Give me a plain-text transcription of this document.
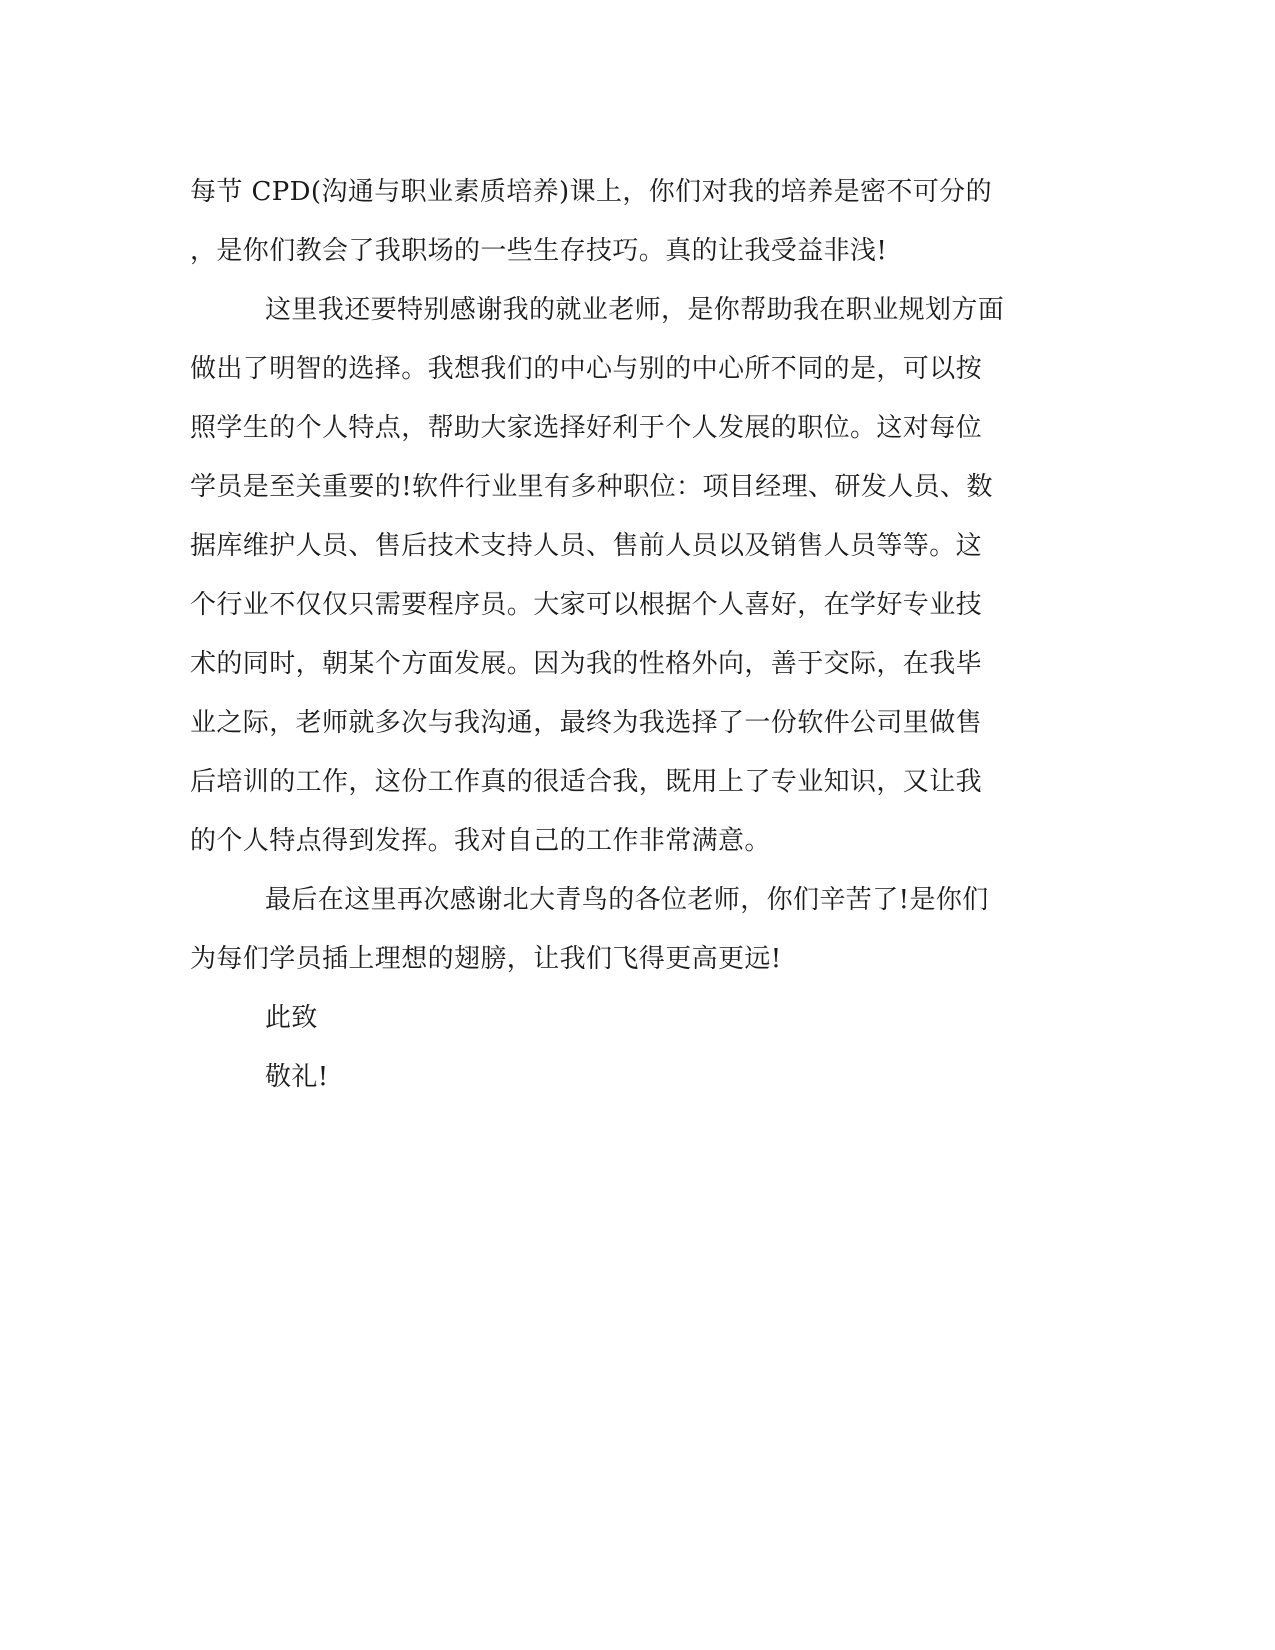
每节 CPD(沟通与职业素质培养)课上，你们对我的培养是密不可分的
，是你们教会了我职场的一些生存技巧。真的让我受益非浅!
这里我还要特别感谢我的就业老师，是你帮助我在职业规划方面
做出了明智的选择。我想我们的中心与别的中心所不同的是，可以按
照学生的个人特点，帮助大家选择好利于个人发展的职位。这对每位
学员是至关重要的!软件行业里有多种职位：项目经理、研发人员、数
据库维护人员、售后技术支持人员、售前人员以及销售人员等等。这
个行业不仅仅只需要程序员。大家可以根据个人喜好，在学好专业技
术的同时，朝某个方面发展。因为我的性格外向，善于交际，在我毕
业之际，老师就多次与我沟通，最终为我选择了一份软件公司里做售
后培训的工作，这份工作真的很适合我，既用上了专业知识，又让我
的个人特点得到发挥。我对自己的工作非常满意。
最后在这里再次感谢北大青鸟的各位老师，你们辛苦了!是你们
为每们学员插上理想的翅膀，让我们飞得更高更远!
此致
敬礼!
